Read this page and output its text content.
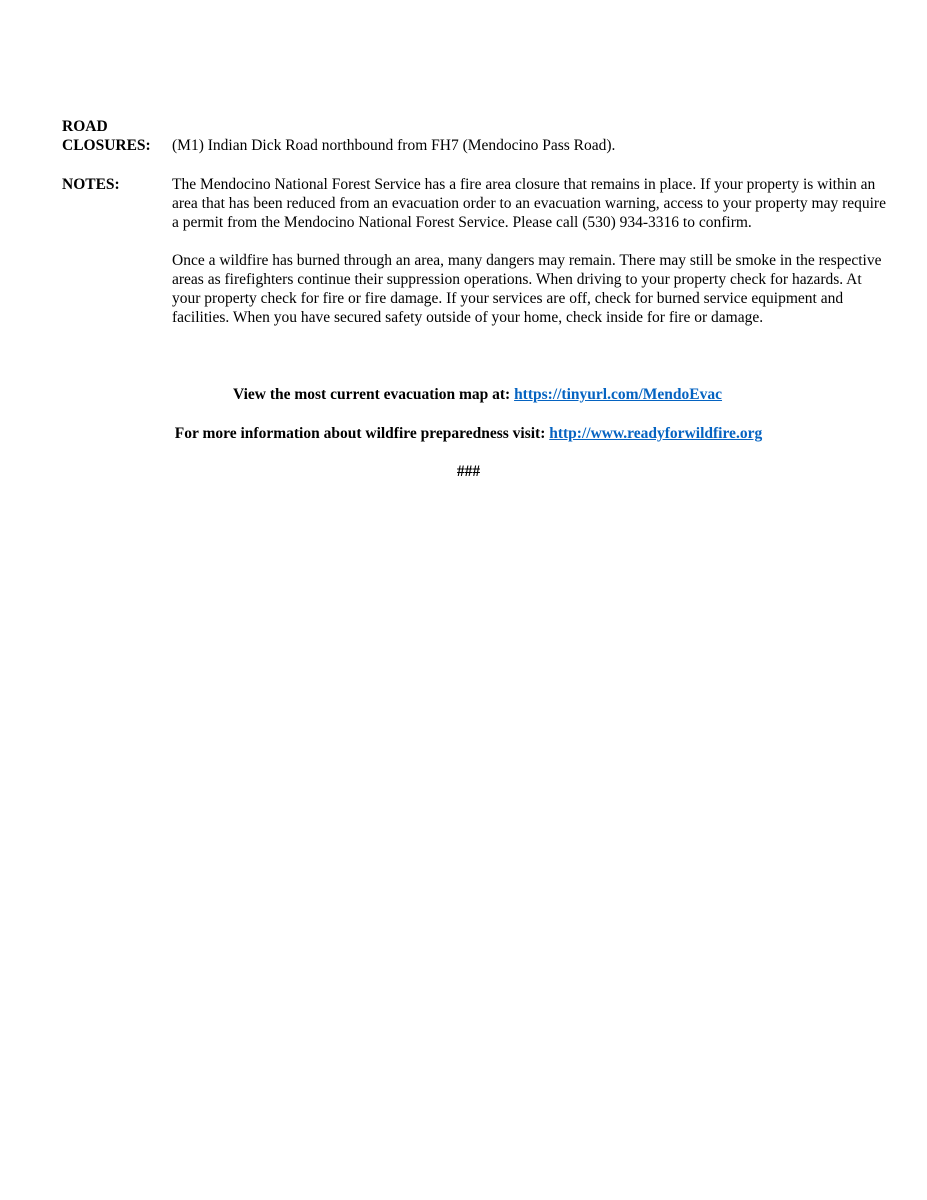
ROAD
CLOSURES: (M1) Indian Dick Road northbound from FH7 (Mendocino Pass Road).

NOTES:	The Mendocino National Forest Service has a fire area closure that remains in place. If your property is within an area that has been reduced from an evacuation order to an evacuation warning, access to your property may require a permit from the Mendocino National Forest Service. Please call (530) 934-3316 to confirm.

Once a wildfire has burned through an area, many dangers may remain. There may still be smoke in the respective areas as firefighters continue their suppression operations. When driving to your property check for hazards. At your property check for fire or fire damage. If your services are off, check for burned service equipment and facilities. When you have secured safety outside of your home, check inside for fire or damage.

View the most current evacuation map at: https://tinyurl.com/MendoEvac
For more information about wildfire preparedness visit: http://www.readyforwildfire.org
###
